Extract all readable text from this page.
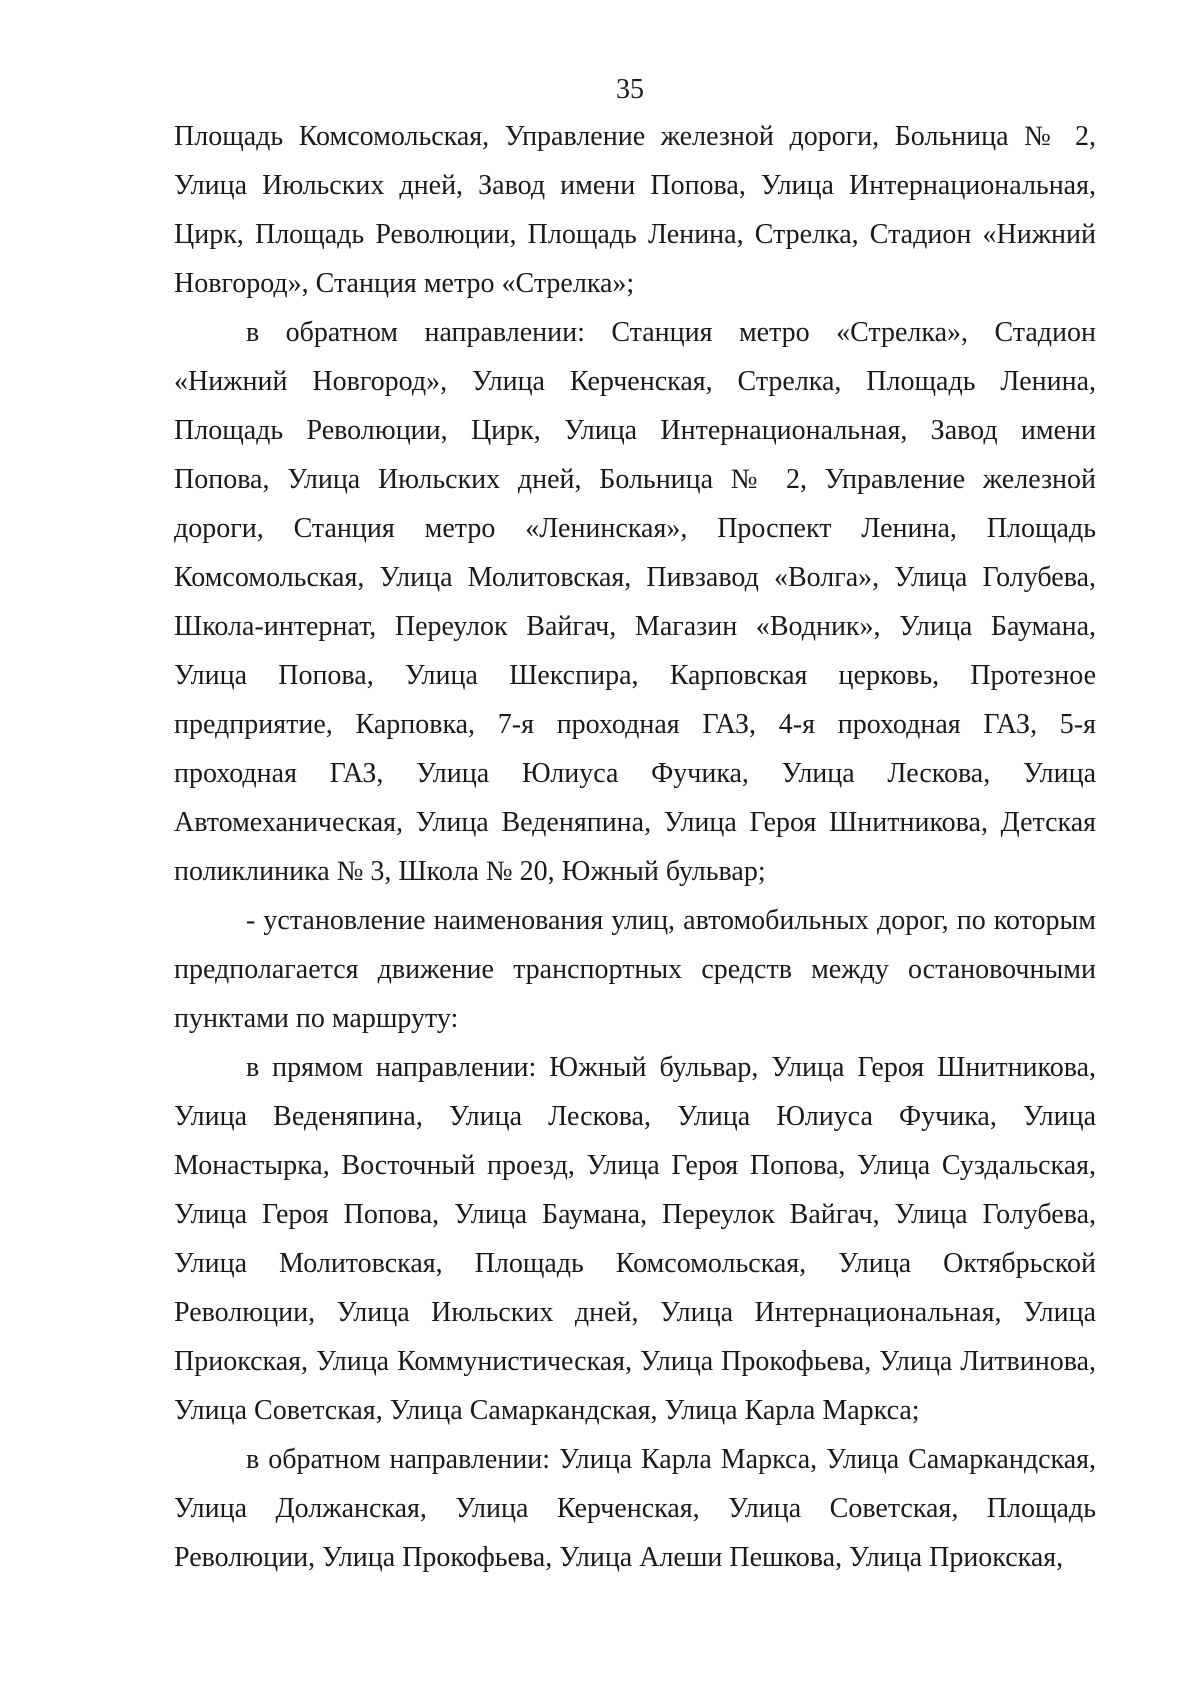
35

Площадь Комсомольская, Управление железной дороги, Больница № 2, Улица Июльских дней, Завод имени Попова, Улица Интернациональная, Цирк, Площадь Революции, Площадь Ленина, Стрелка, Стадион «Нижний Новгород», Станция метро «Стрелка»;

в обратном направлении: Станция метро «Стрелка», Стадион «Нижний Новгород», Улица Керченская, Стрелка, Площадь Ленина, Площадь Революции, Цирк, Улица Интернациональная, Завод имени Попова, Улица Июльских дней, Больница № 2, Управление железной дороги, Станция метро «Ленинская», Проспект Ленина, Площадь Комсомольская, Улица Молитовская, Пивзавод «Волга», Улица Голубева, Школа-интернат, Переулок Вайгач, Магазин «Водник», Улица Баумана, Улица Попова, Улица Шекспира, Карповская церковь, Протезное предприятие, Карповка, 7-я проходная ГАЗ, 4-я проходная ГАЗ, 5-я проходная ГАЗ, Улица Юлиуса Фучика, Улица Лескова, Улица Автомеханическая, Улица Веденяпина, Улица Героя Шнитникова, Детская поликлиника № 3, Школа № 20, Южный бульвар;

- установление наименования улиц, автомобильных дорог, по которым предполагается движение транспортных средств между остановочными пунктами по маршруту:

в прямом направлении: Южный бульвар, Улица Героя Шнитникова, Улица Веденяпина, Улица Лескова, Улица Юлиуса Фучика, Улица Монастырка, Восточный проезд, Улица Героя Попова, Улица Суздальская, Улица Героя Попова, Улица Баумана, Переулок Вайгач, Улица Голубева, Улица Молитовская, Площадь Комсомольская, Улица Октябрьской Революции, Улица Июльских дней, Улица Интернациональная, Улица Приокская, Улица Коммунистическая, Улица Прокофьева, Улица Литвинова, Улица Советская, Улица Самаркандская, Улица Карла Маркса;

в обратном направлении: Улица Карла Маркса, Улица Самаркандская, Улица Должанская, Улица Керченская, Улица Советская, Площадь Революции, Улица Прокофьева, Улица Алеши Пешкова, Улица Приокская,
